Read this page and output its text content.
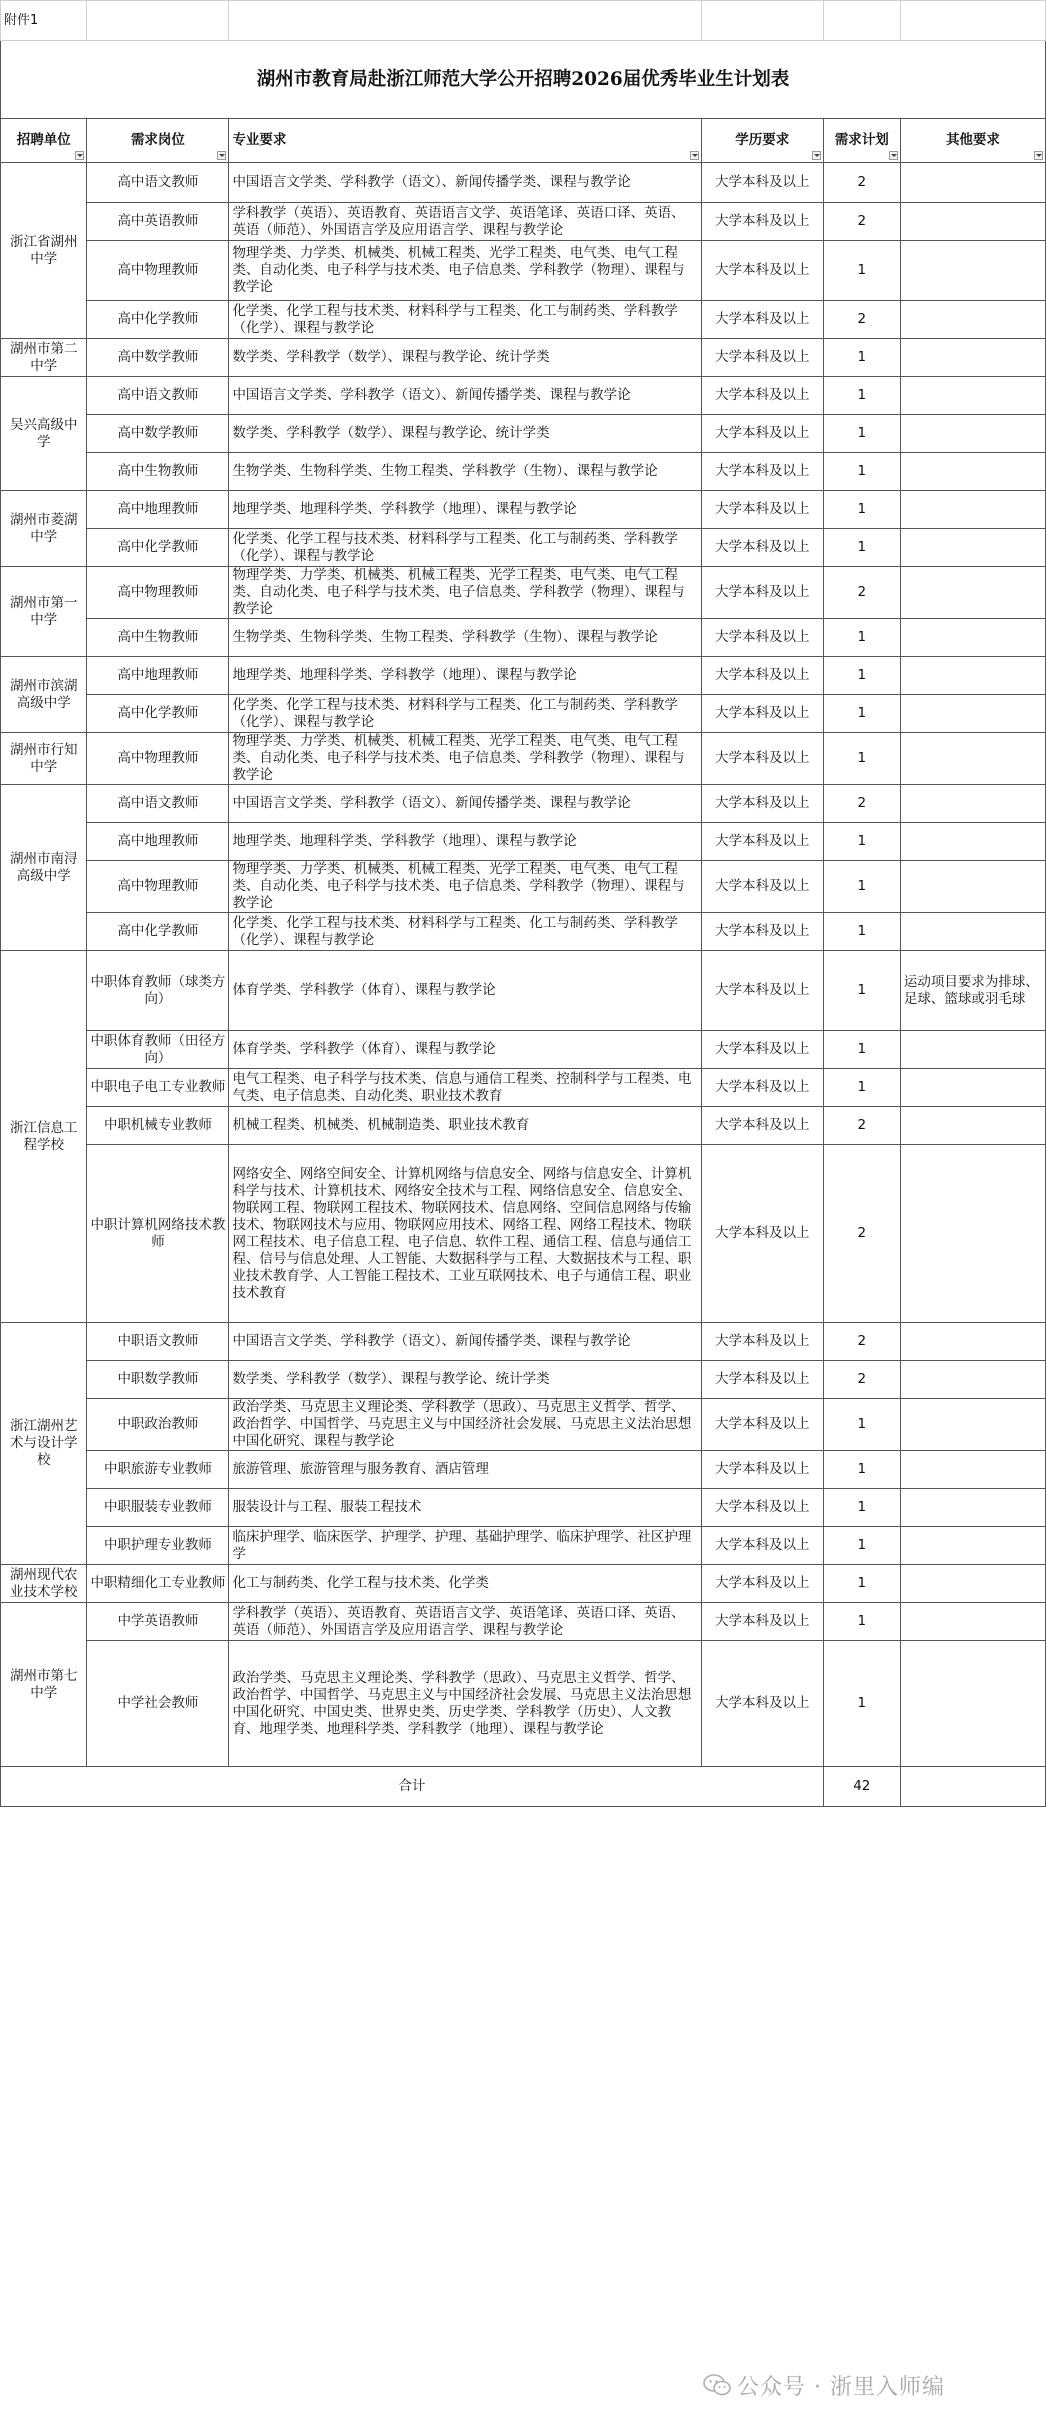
附件1					
湖州市教育局赴浙江师范大学公开招聘2026届优秀毕业生计划表					
招聘单位	需求岗位	专业要求	学历要求	需求计划	其他要求

浙江省湖州中学	高中语文教师	中国语言文学类、学科教学（语文）、新闻传播学类、课程与教学论	大学本科及以上	2	
	高中英语教师	学科教学（英语）、英语教育、英语语言文学、英语笔译、英语口译、英语、英语（师范）、外国语言学及应用语言学、课程与教学论	大学本科及以上	2	
	高中物理教师	物理学类、力学类、机械类、机械工程类、光学工程类、电气类、电气工程类、自动化类、电子科学与技术类、电子信息类、学科教学（物理）、课程与教学论	大学本科及以上	1	
	高中化学教师	化学类、化学工程与技术类、材料科学与工程类、化工与制药类、学科教学（化学）、课程与教学论	大学本科及以上	2	
湖州市第二中学	高中数学教师	数学类、学科教学（数学）、课程与教学论、统计学类	大学本科及以上	1	
吴兴高级中学	高中语文教师	中国语言文学类、学科教学（语文）、新闻传播学类、课程与教学论	大学本科及以上	1	
	高中数学教师	数学类、学科教学（数学）、课程与教学论、统计学类	大学本科及以上	1	
	高中生物教师	生物学类、生物科学类、生物工程类、学科教学（生物）、课程与教学论	大学本科及以上	1	
湖州市菱湖中学	高中地理教师	地理学类、地理科学类、学科教学（地理）、课程与教学论	大学本科及以上	1	
	高中化学教师	化学类、化学工程与技术类、材料科学与工程类、化工与制药类、学科教学（化学）、课程与教学论	大学本科及以上	1	
湖州市第一中学	高中物理教师	物理学类、力学类、机械类、机械工程类、光学工程类、电气类、电气工程类、自动化类、电子科学与技术类、电子信息类、学科教学（物理）、课程与教学论	大学本科及以上	2	
	高中生物教师	生物学类、生物科学类、生物工程类、学科教学（生物）、课程与教学论	大学本科及以上	1	
湖州市滨湖高级中学	高中地理教师	地理学类、地理科学类、学科教学（地理）、课程与教学论	大学本科及以上	1	
	高中化学教师	化学类、化学工程与技术类、材料科学与工程类、化工与制药类、学科教学（化学）、课程与教学论	大学本科及以上	1	
湖州市行知中学	高中物理教师	物理学类、力学类、机械类、机械工程类、光学工程类、电气类、电气工程类、自动化类、电子科学与技术类、电子信息类、学科教学（物理）、课程与教学论	大学本科及以上	1	
湖州市南浔高级中学	高中语文教师	中国语言文学类、学科教学（语文）、新闻传播学类、课程与教学论	大学本科及以上	2	
	高中地理教师	地理学类、地理科学类、学科教学（地理）、课程与教学论	大学本科及以上	1	
	高中物理教师	物理学类、力学类、机械类、机械工程类、光学工程类、电气类、电气工程类、自动化类、电子科学与技术类、电子信息类、学科教学（物理）、课程与教学论	大学本科及以上	1	
	高中化学教师	化学类、化学工程与技术类、材料科学与工程类、化工与制药类、学科教学（化学）、课程与教学论	大学本科及以上	1	
浙江信息工程学校	中职体育教师（球类方向）	体育学类、学科教学（体育）、课程与教学论	大学本科及以上	1	运动项目要求为排球、足球、篮球或羽毛球
	中职体育教师（田径方向）	体育学类、学科教学（体育）、课程与教学论	大学本科及以上	1	
	中职电子电工专业教师	电气工程类、电子科学与技术类、信息与通信工程类、控制科学与工程类、电气类、电子信息类、自动化类、职业技术教育	大学本科及以上	1	
	中职机械专业教师	机械工程类、机械类、机械制造类、职业技术教育	大学本科及以上	2	
	中职计算机网络技术教师	网络安全、网络空间安全、计算机网络与信息安全、网络与信息安全、计算机科学与技术、计算机技术、网络安全技术与工程、网络信息安全、信息安全、物联网工程、物联网工程技术、物联网技术、信息网络、空间信息网络与传输技术、物联网技术与应用、物联网应用技术、网络工程、网络工程技术、物联网工程技术、电子信息工程、电子信息、软件工程、通信工程、信息与通信工程、信号与信息处理、人工智能、大数据科学与工程、大数据技术与工程、职业技术教育学、人工智能工程技术、工业互联网技术、电子与通信工程、职业技术教育	大学本科及以上	2	
浙江湖州艺术与设计学校	中职语文教师	中国语言文学类、学科教学（语文）、新闻传播学类、课程与教学论	大学本科及以上	2	
	中职数学教师	数学类、学科教学（数学）、课程与教学论、统计学类	大学本科及以上	2	
	中职政治教师	政治学类、马克思主义理论类、学科教学（思政）、马克思主义哲学、哲学、政治哲学、中国哲学、马克思主义与中国经济社会发展、马克思主义法治思想中国化研究、课程与教学论	大学本科及以上	1	
	中职旅游专业教师	旅游管理、旅游管理与服务教育、酒店管理	大学本科及以上	1	
	中职服装专业教师	服装设计与工程、服装工程技术	大学本科及以上	1	
	中职护理专业教师	临床护理学、临床医学、护理学、护理、基础护理学、临床护理学、社区护理学	大学本科及以上	1	
湖州现代农业技术学校	中职精细化工专业教师	化工与制药类、化学工程与技术类、化学类	大学本科及以上	1	
湖州市第七中学	中学英语教师	学科教学（英语）、英语教育、英语语言文学、英语笔译、英语口译、英语、英语（师范）、外国语言学及应用语言学、课程与教学论	大学本科及以上	1	
	中学社会教师	政治学类、马克思主义理论类、学科教学（思政）、马克思主义哲学、哲学、政治哲学、中国哲学、马克思主义与中国经济社会发展、马克思主义法治思想中国化研究、中国史类、世界史类、历史学类、学科教学（历史）、人文教育、地理学类、地理科学类、学科教学（地理）、课程与教学论	大学本科及以上	1	
合计				42	
公众号 · 浙里入师编
